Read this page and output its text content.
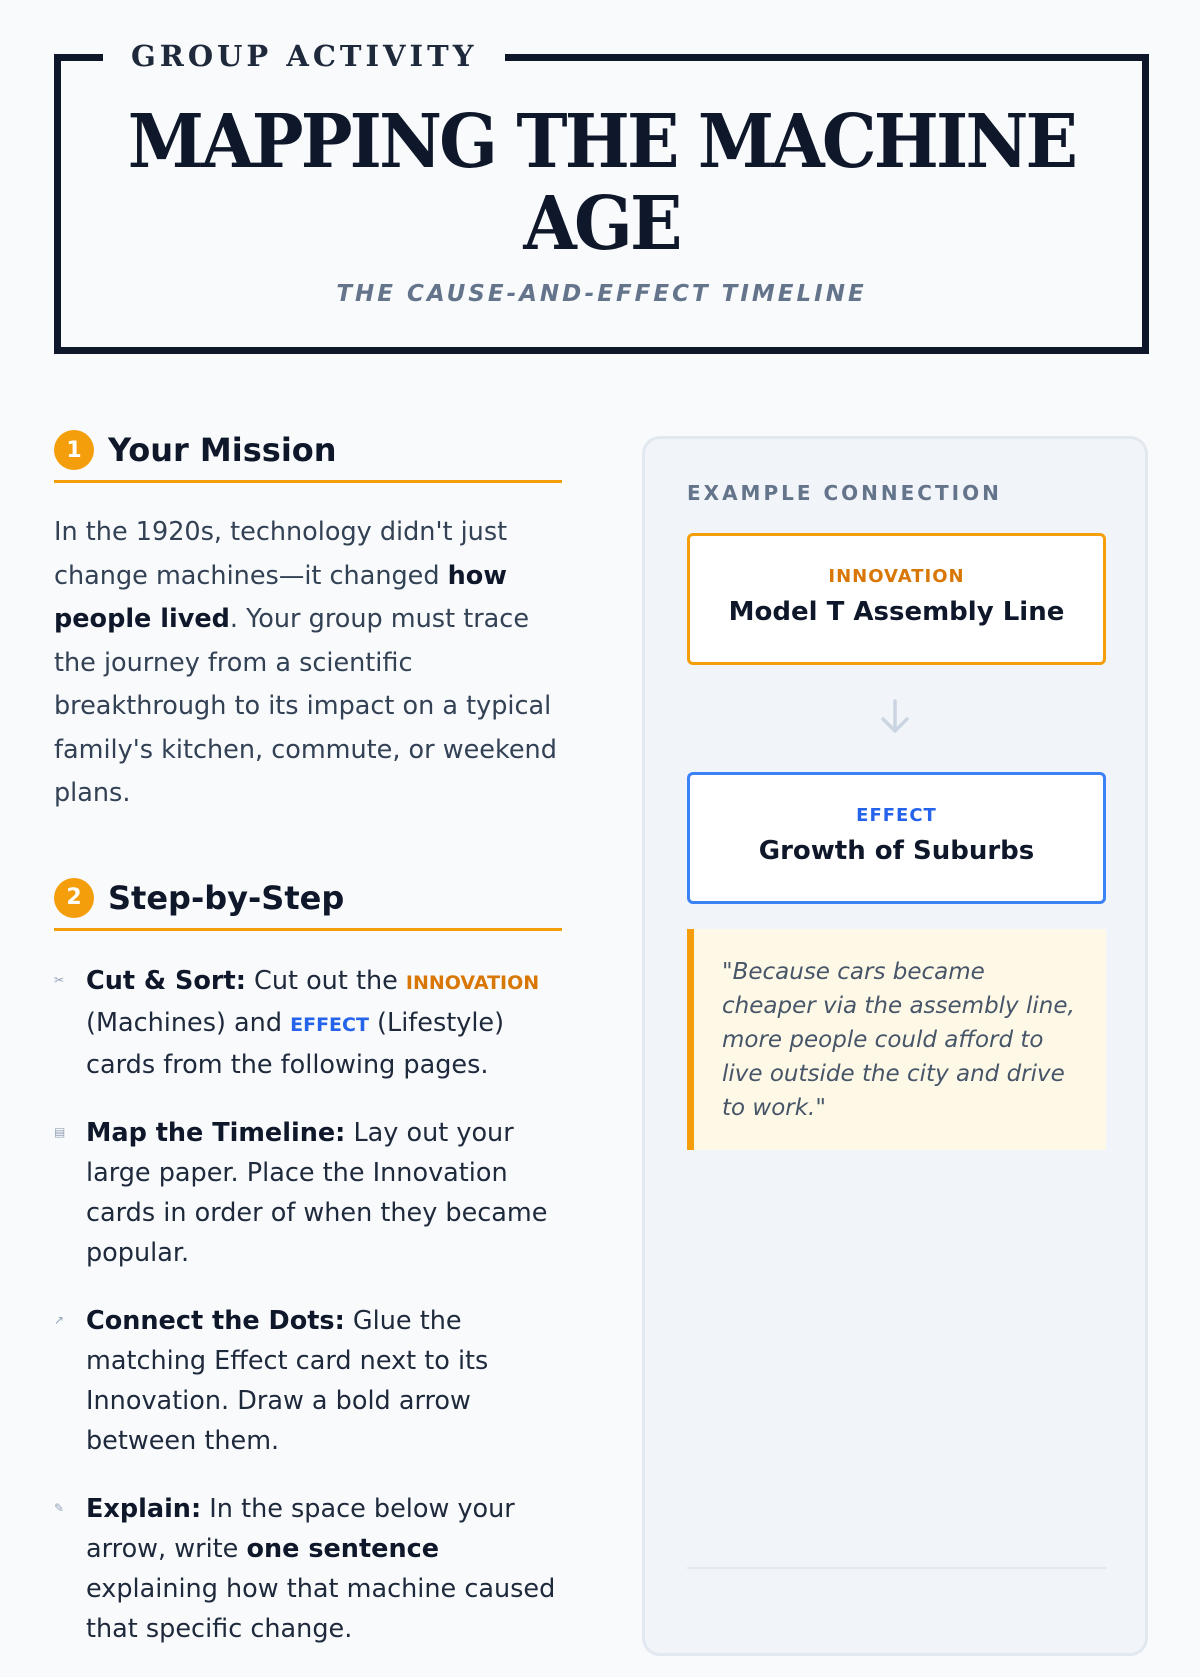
GROUP ACTIVITY
MAPPING THE MACHINE AGE
THE CAUSE-AND-EFFECT TIMELINE
1 Your Mission

In the 1920s, technology didn't just change machines—it changed how people lived. Your group must trace the journey from a scientific breakthrough to its impact on a typical family's kitchen, commute, or weekend plans.

2 Step-by-Step
✂ Cut & Sort: Cut out the INNOVATION (Machines) and EFFECT (Lifestyle) cards from the following pages.
▤ Map the Timeline: Lay out your large paper. Place the Innovation cards in order of when they became popular.
↗ Connect the Dots: Glue the matching Effect card next to its Innovation. Draw a bold arrow between them.
✎ Explain: In the space below your arrow, write one sentence explaining how that machine caused that specific change.
EXAMPLE CONNECTION
INNOVATION
Model T Assembly Line
EFFECT
Growth of Suburbs
"Because cars became cheaper via the assembly line, more people could afford to live outside the city and drive to work."
